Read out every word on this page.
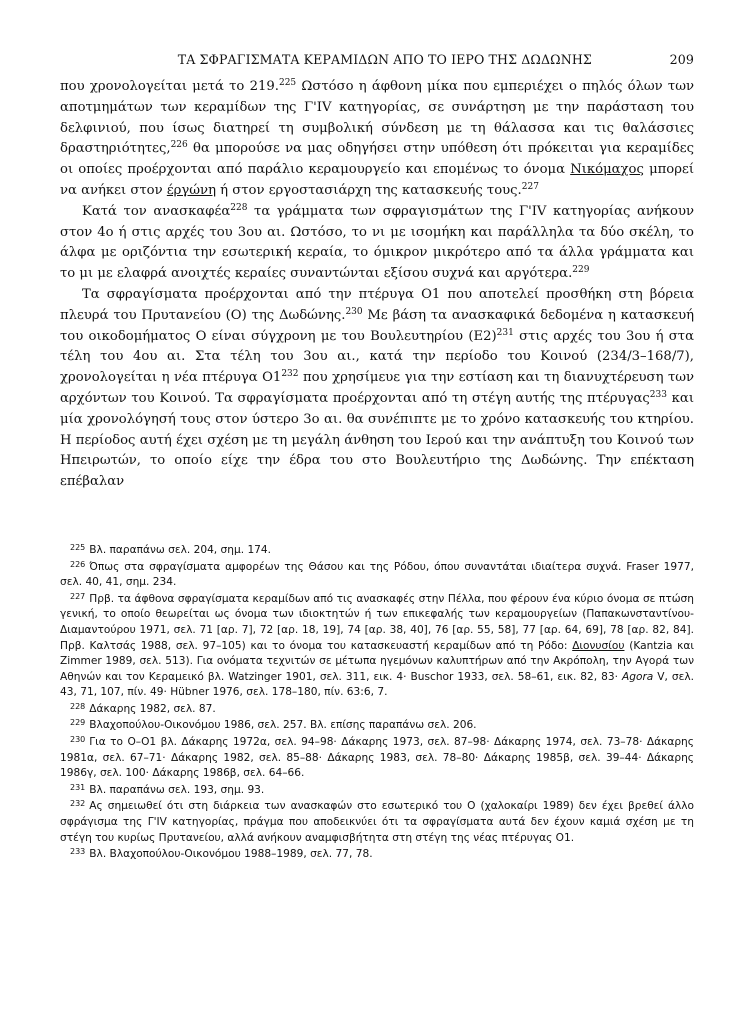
ΤΑ ΣΦΡΑΓΙΣΜΑΤΑ ΚΕΡΑΜΙΔΩΝ ΑΠΟ ΤΟ ΙΕΡΟ ΤΗΣ ΔΩΔΩΝΗΣ	209

που χρονολογείται μετά το 219.$^{225}$ Ωστόσο η άφθονη μίκα που εμπεριέχει ο πηλός όλων των αποτμημάτων των κεραμίδων της Γ'IV κατηγορίας, σε συνάρτηση με την παράσταση του δελφινιού, που ίσως διατηρεί τη συμβολική σύνδεση με τη θάλασσα και τις θαλάσσιες δραστηριότητες,$^{226}$ θα μπορούσε να μας οδηγήσει στην υπόθεση ότι πρόκειται για κεραμίδες οι οποίες προέρχονται από παράλιο κεραμουργείο και επομένως το όνομα Νικόμαχος μπορεί να ανήκει στον έργώνη ή στον εργοστασιάρχη της κατασκευής τους.$^{227}$

Κατά τον ανασκαφέα$^{228}$ τα γράμματα των σφραγισμάτων της Γ'IV κατηγορίας ανήκουν στον 4ο ή στις αρχές του 3ου αι. Ωστόσο, το νι με ισομήκη και παράλληλα τα δύο σκέλη, το άλφα με οριζόντια την εσωτερική κεραία, το όμικρον μικρότερο από τα άλλα γράμματα και το μι με ελαφρά ανοιχτές κεραίες συναντώνται εξίσου συχνά και αργότερα.$^{229}$

Τα σφραγίσματα προέρχονται από την πτέρυγα Ο1 που αποτελεί προσθήκη στη βόρεια πλευρά του Πρυτανείου (Ο) της Δωδώνης.$^{230}$ Με βάση τα ανασκαφικά δεδομένα η κατασκευή του οικοδομήματος Ο είναι σύγχρονη με του Βουλευτηρίου $(E2)^{231}$ στις αρχές του 3ου ή στα τέλη του 4ου αι. Στα τέλη του 3ου αι., κατά την περίοδο του Κοινού (234/3–168/7), χρονολογείται η νέα πτέρυγα $O1^{232}$ που χρησίμευε για την εστίαση και τη διανυχτέρευση των αρχόντων του Κοινού. Τα σφραγίσματα προέρχονται από τη στέγη αυτής της πτέρυγας$^{233}$ και μία χρονολόγησή τους στον ύστερο 3ο αι. θα συνέπιπτε με το χρόνο κατασκευής του κτηρίου. Η περίοδος αυτή έχει σχέση με τη μεγάλη άνθηση του Ιερού και την ανάπτυξη του Κοινού των Ηπειρωτών, το οποίο είχε την έδρα του στο Βουλευτήριο της Δωδώνης. Την επέκταση επέβαλαν

$^{225}$ Βλ. παραπάνω σελ. 204, σημ. 174.

$^{226}$ Όπως στα σφραγίσματα αμφορέων της Θάσου και της Ρόδου, όπου συναντάται ιδιαίτερα συχνά. Fraser 1977, σελ. 40, 41, σημ. 234.

$^{227}$ Πρβ. τα άφθονα σφραγίσματα κεραμίδων από τις ανασκαφές στην Πέλλα, που φέρουν ένα κύριο όνομα σε πτώση γενική, το οποίο θεωρείται ως όνομα των ιδιοκτητών ή των επικεφαλής των κεραμουργείων (Παπακωνσταντίνου-Διαμαντούρου 1971, σελ. 71 [αρ. 7], 72 [αρ. 18, 19], 74 [αρ. 38, 40], 76 [αρ. 55, 58], 77 [αρ. 64, 69], 78 [αρ. 82, 84]. Πρβ. Καλτσάς 1988, σελ. 97–105) και το όνομα του κατασκευαστή κεραμίδων από τη Ρόδο: Διονυσίου (Kantzia και Zimmer 1989, σελ. 513). Για ονόματα τεχνιτών σε μέτωπα ηγεμόνων καλυπτήρων από την Ακρόπολη, την Αγορά των Αθηνών και τον Κεραμεικό βλ. Watzinger 1901, σελ. 311, εικ. 4· Buschor 1933, σελ. 58–61, εικ. 82, 83· Agora V, σελ. 43, 71, 107, πίν. 49· Hübner 1976, σελ. 178–180, πίν. 63:6, 7.

$^{228}$ Δάκαρης 1982, σελ. 87.

$^{229}$ Βλαχοπούλου-Οικονόμου 1986, σελ. 257. Βλ. επίσης παραπάνω σελ. 206.

$^{230}$ Για το Ο–Ο1 βλ. Δάκαρης 1972α, σελ. 94–98· Δάκαρης 1973, σελ. 87–98· Δάκαρης 1974, σελ. 73–78· Δάκαρης 1981α, σελ. 67–71· Δάκαρης 1982, σελ. 85–88· Δάκαρης 1983, σελ. 78–80· Δάκαρης 1985β, σελ. 39–44· Δάκαρης 1986γ, σελ. 100· Δάκαρης 1986β, σελ. 64–66.

$^{231}$ Βλ. παραπάνω σελ. 193, σημ. 93.

$^{232}$ Ας σημειωθεί ότι στη διάρκεια των ανασκαφών στο εσωτερικό του Ο (χαλοκαίρι 1989) δεν έχει βρεθεί άλλο σφράγισμα της Γ'IV κατηγορίας, πράγμα που αποδεικνύει ότι τα σφραγίσματα αυτά δεν έχουν καμιά σχέση με τη στέγη του κυρίως Πρυτανείου, αλλά ανήκουν αναμφισβήτητα στη στέγη της νέας πτέρυγας Ο1.

$^{233}$ Βλ. Βλαχοπούλου-Οικονόμου 1988–1989, σελ. 77, 78.
